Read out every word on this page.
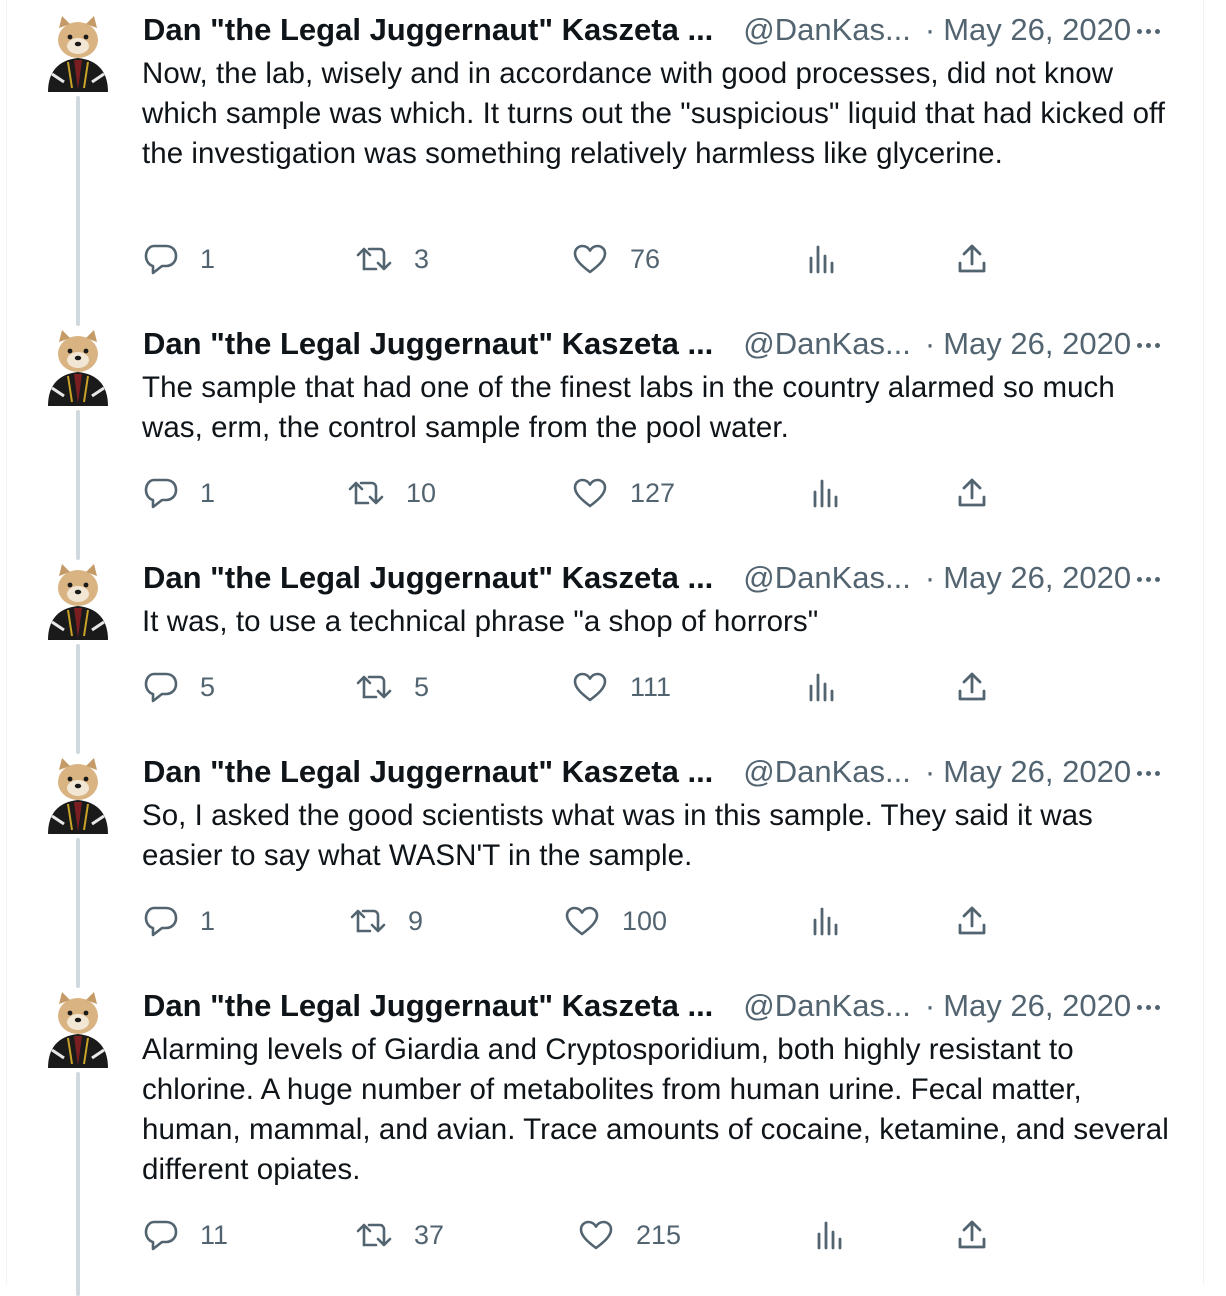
Dan "the Legal Juggernaut" Kaszeta ... @DanKas... · May 26, 2020

Now, the lab, wisely and in accordance with good processes, did not know which sample was which. It turns out the "suspicious" liquid that had kicked off the investigation was something relatively harmless like glycerine.

1	3	76
Dan "the Legal Juggernaut" Kaszeta ... @DanKas... · May 26, 2020

The sample that had one of the finest labs in the country alarmed so much was, erm, the control sample from the pool water.

1	10	127
Dan "the Legal Juggernaut" Kaszeta ... @DanKas... · May 26, 2020

It was, to use a technical phrase "a shop of horrors"

5	5	111
Dan "the Legal Juggernaut" Kaszeta ... @DanKas... · May 26, 2020

So, I asked the good scientists what was in this sample. They said it was easier to say what WASN'T in the sample.

1	9	100
Dan "the Legal Juggernaut" Kaszeta ... @DanKas... · May 26, 2020

Alarming levels of Giardia and Cryptosporidium, both highly resistant to chlorine. A huge number of metabolites from human urine. Fecal matter, human, mammal, and avian. Trace amounts of cocaine, ketamine, and several different opiates.

11	37	215
